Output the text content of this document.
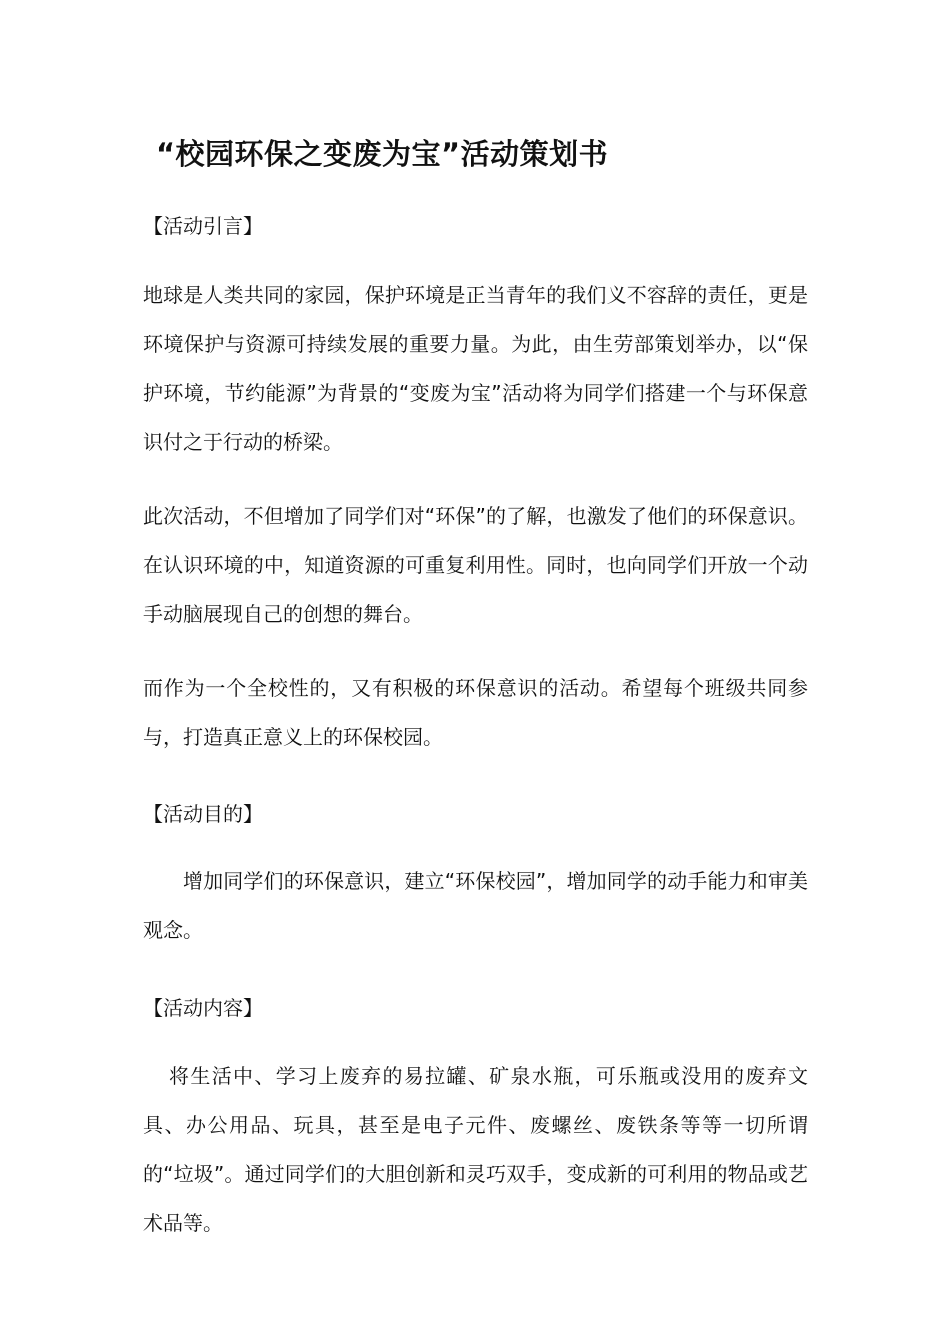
“校园环保之变废为宝”活动策划书
【活动引言】
地球是人类共同的家园，保护环境是正当青年的我们义不容辞的责任，更是环境保护与资源可持续发展的重要力量。为此，由生劳部策划举办，以“保护环境，节约能源”为背景的“变废为宝”活动将为同学们搭建一个与环保意识付之于行动的桥梁。
此次活动，不但增加了同学们对“环保”的了解，也激发了他们的环保意识。在认识环境的中，知道资源的可重复利用性。同时，也向同学们开放一个动手动脑展现自己的创想的舞台。
而作为一个全校性的，又有积极的环保意识的活动。希望每个班级共同参与，打造真正意义上的环保校园。
【活动目的】
增加同学们的环保意识，建立“环保校园”，增加同学的动手能力和审美观念。
【活动内容】
将生活中、学习上废弃的易拉罐、矿泉水瓶，可乐瓶或没用的废弃文具、办公用品、玩具，甚至是电子元件、废螺丝、废铁条等等一切所谓的“垃圾”。通过同学们的大胆创新和灵巧双手，变成新的可利用的物品或艺术品等。
